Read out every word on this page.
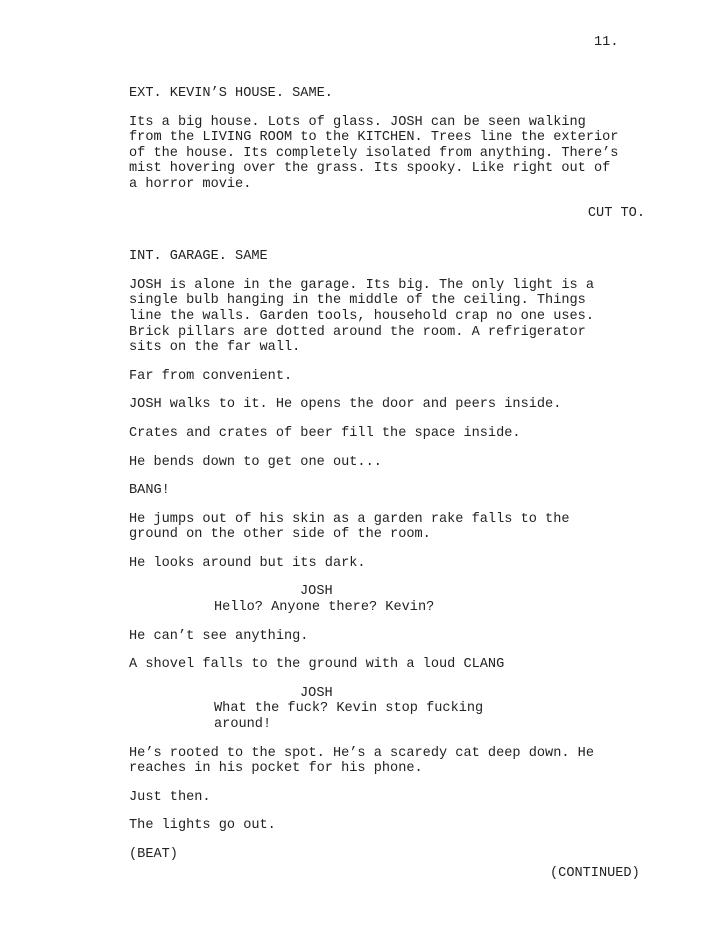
11.
EXT. KEVIN’S HOUSE. SAME.
Its a big house. Lots of glass. JOSH can be seen walking
from the LIVING ROOM to the KITCHEN. Trees line the exterior
of the house. Its completely isolated from anything. There’s
mist hovering over the grass. Its spooky. Like right out of
a horror movie.
CUT TO.
INT. GARAGE. SAME
JOSH is alone in the garage. Its big. The only light is a
single bulb hanging in the middle of the ceiling. Things
line the walls. Garden tools, household crap no one uses.
Brick pillars are dotted around the room. A refrigerator
sits on the far wall.
Far from convenient.
JOSH walks to it. He opens the door and peers inside.
Crates and crates of beer fill the space inside.
He bends down to get one out...
BANG!
He jumps out of his skin as a garden rake falls to the
ground on the other side of the room.
He looks around but its dark.
JOSH
Hello? Anyone there? Kevin?
He can’t see anything.
A shovel falls to the ground with a loud CLANG
JOSH
What the fuck? Kevin stop fucking
around!
He’s rooted to the spot. He’s a scaredy cat deep down. He
reaches in his pocket for his phone.
Just then.
The lights go out.
(BEAT)
(CONTINUED)
